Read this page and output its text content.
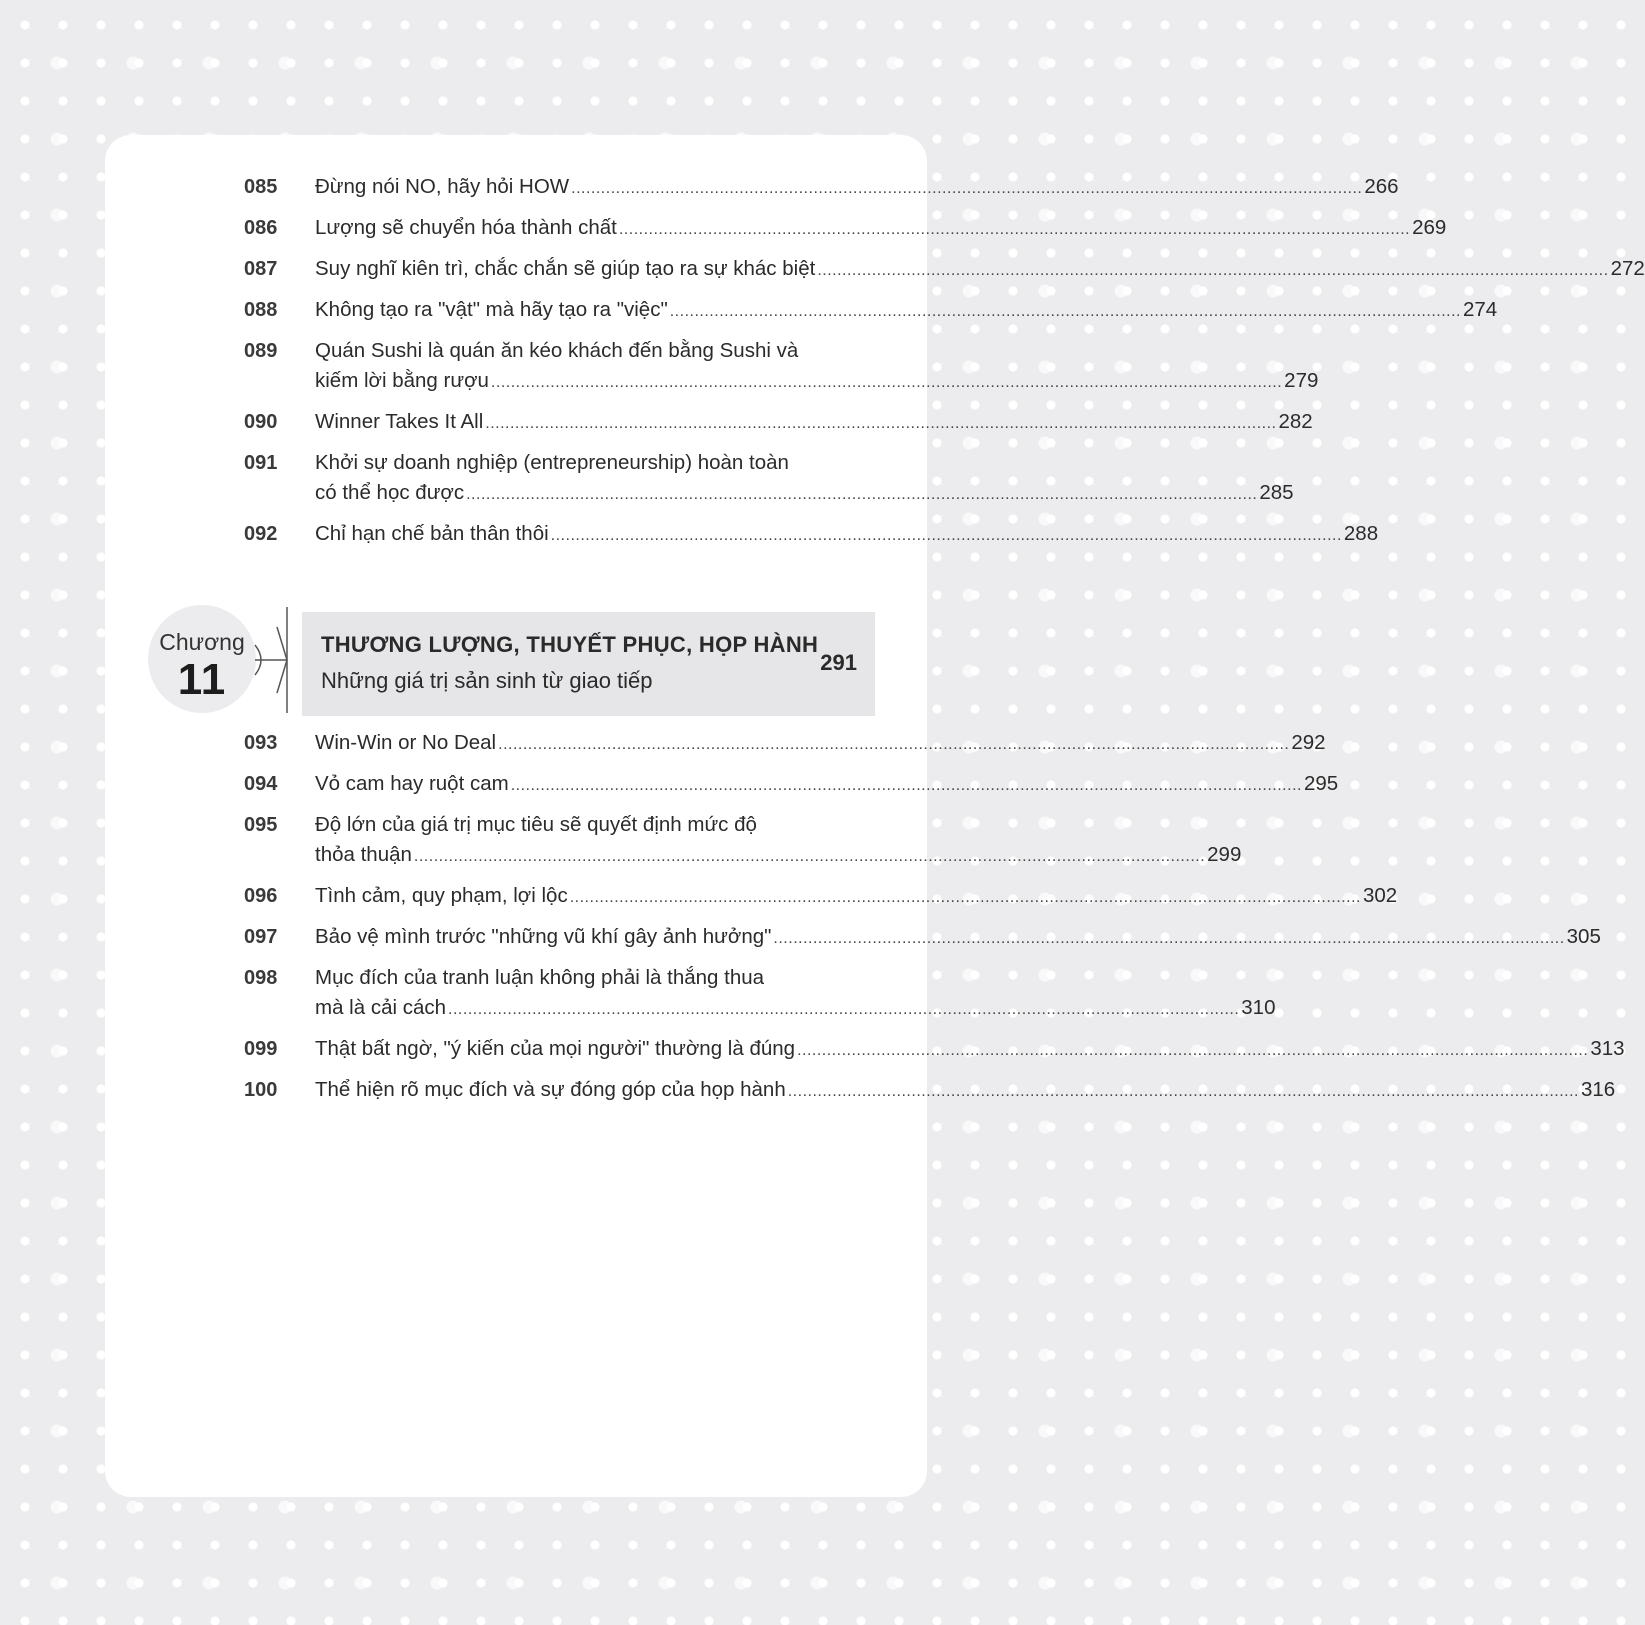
085 Đừng nói NO, hãy hỏi HOW ................................................................................................................................................................ 266
086 Lượng sẽ chuyển hóa thành chất ................................................................................................................................................................ 269
087 Suy nghĩ kiên trì, chắc chắn sẽ giúp tạo ra sự khác biệt ................................................................................................................................................................ 272
088 Không tạo ra "vật" mà hãy tạo ra "việc" ................................................................................................................................................................ 274
089 Quán Sushi là quán ăn kéo khách đến bằng Sushi và
kiếm lời bằng rượu ................................................................................................................................................................ 279
090 Winner Takes It All ................................................................................................................................................................ 282
091 Khởi sự doanh nghiệp (entrepreneurship) hoàn toàn
có thể học được ................................................................................................................................................................ 285
092 Chỉ hạn chế bản thân thôi ................................................................................................................................................................ 288
Chương
11
THƯƠNG LƯỢNG, THUYẾT PHỤC, HỌP HÀNH
Những giá trị sản sinh từ giao tiếp
291
093 Win-Win or No Deal ................................................................................................................................................................ 292
094 Vỏ cam hay ruột cam ................................................................................................................................................................ 295
095 Độ lớn của giá trị mục tiêu sẽ quyết định mức độ
thỏa thuận ................................................................................................................................................................ 299
096 Tình cảm, quy phạm, lợi lộc ................................................................................................................................................................ 302
097 Bảo vệ mình trước "những vũ khí gây ảnh hưởng" ................................................................................................................................................................ 305
098 Mục đích của tranh luận không phải là thắng thua
mà là cải cách ................................................................................................................................................................ 310
099 Thật bất ngờ, "ý kiến của mọi người" thường là đúng ................................................................................................................................................................ 313
100 Thể hiện rõ mục đích và sự đóng góp của họp hành ................................................................................................................................................................ 316
